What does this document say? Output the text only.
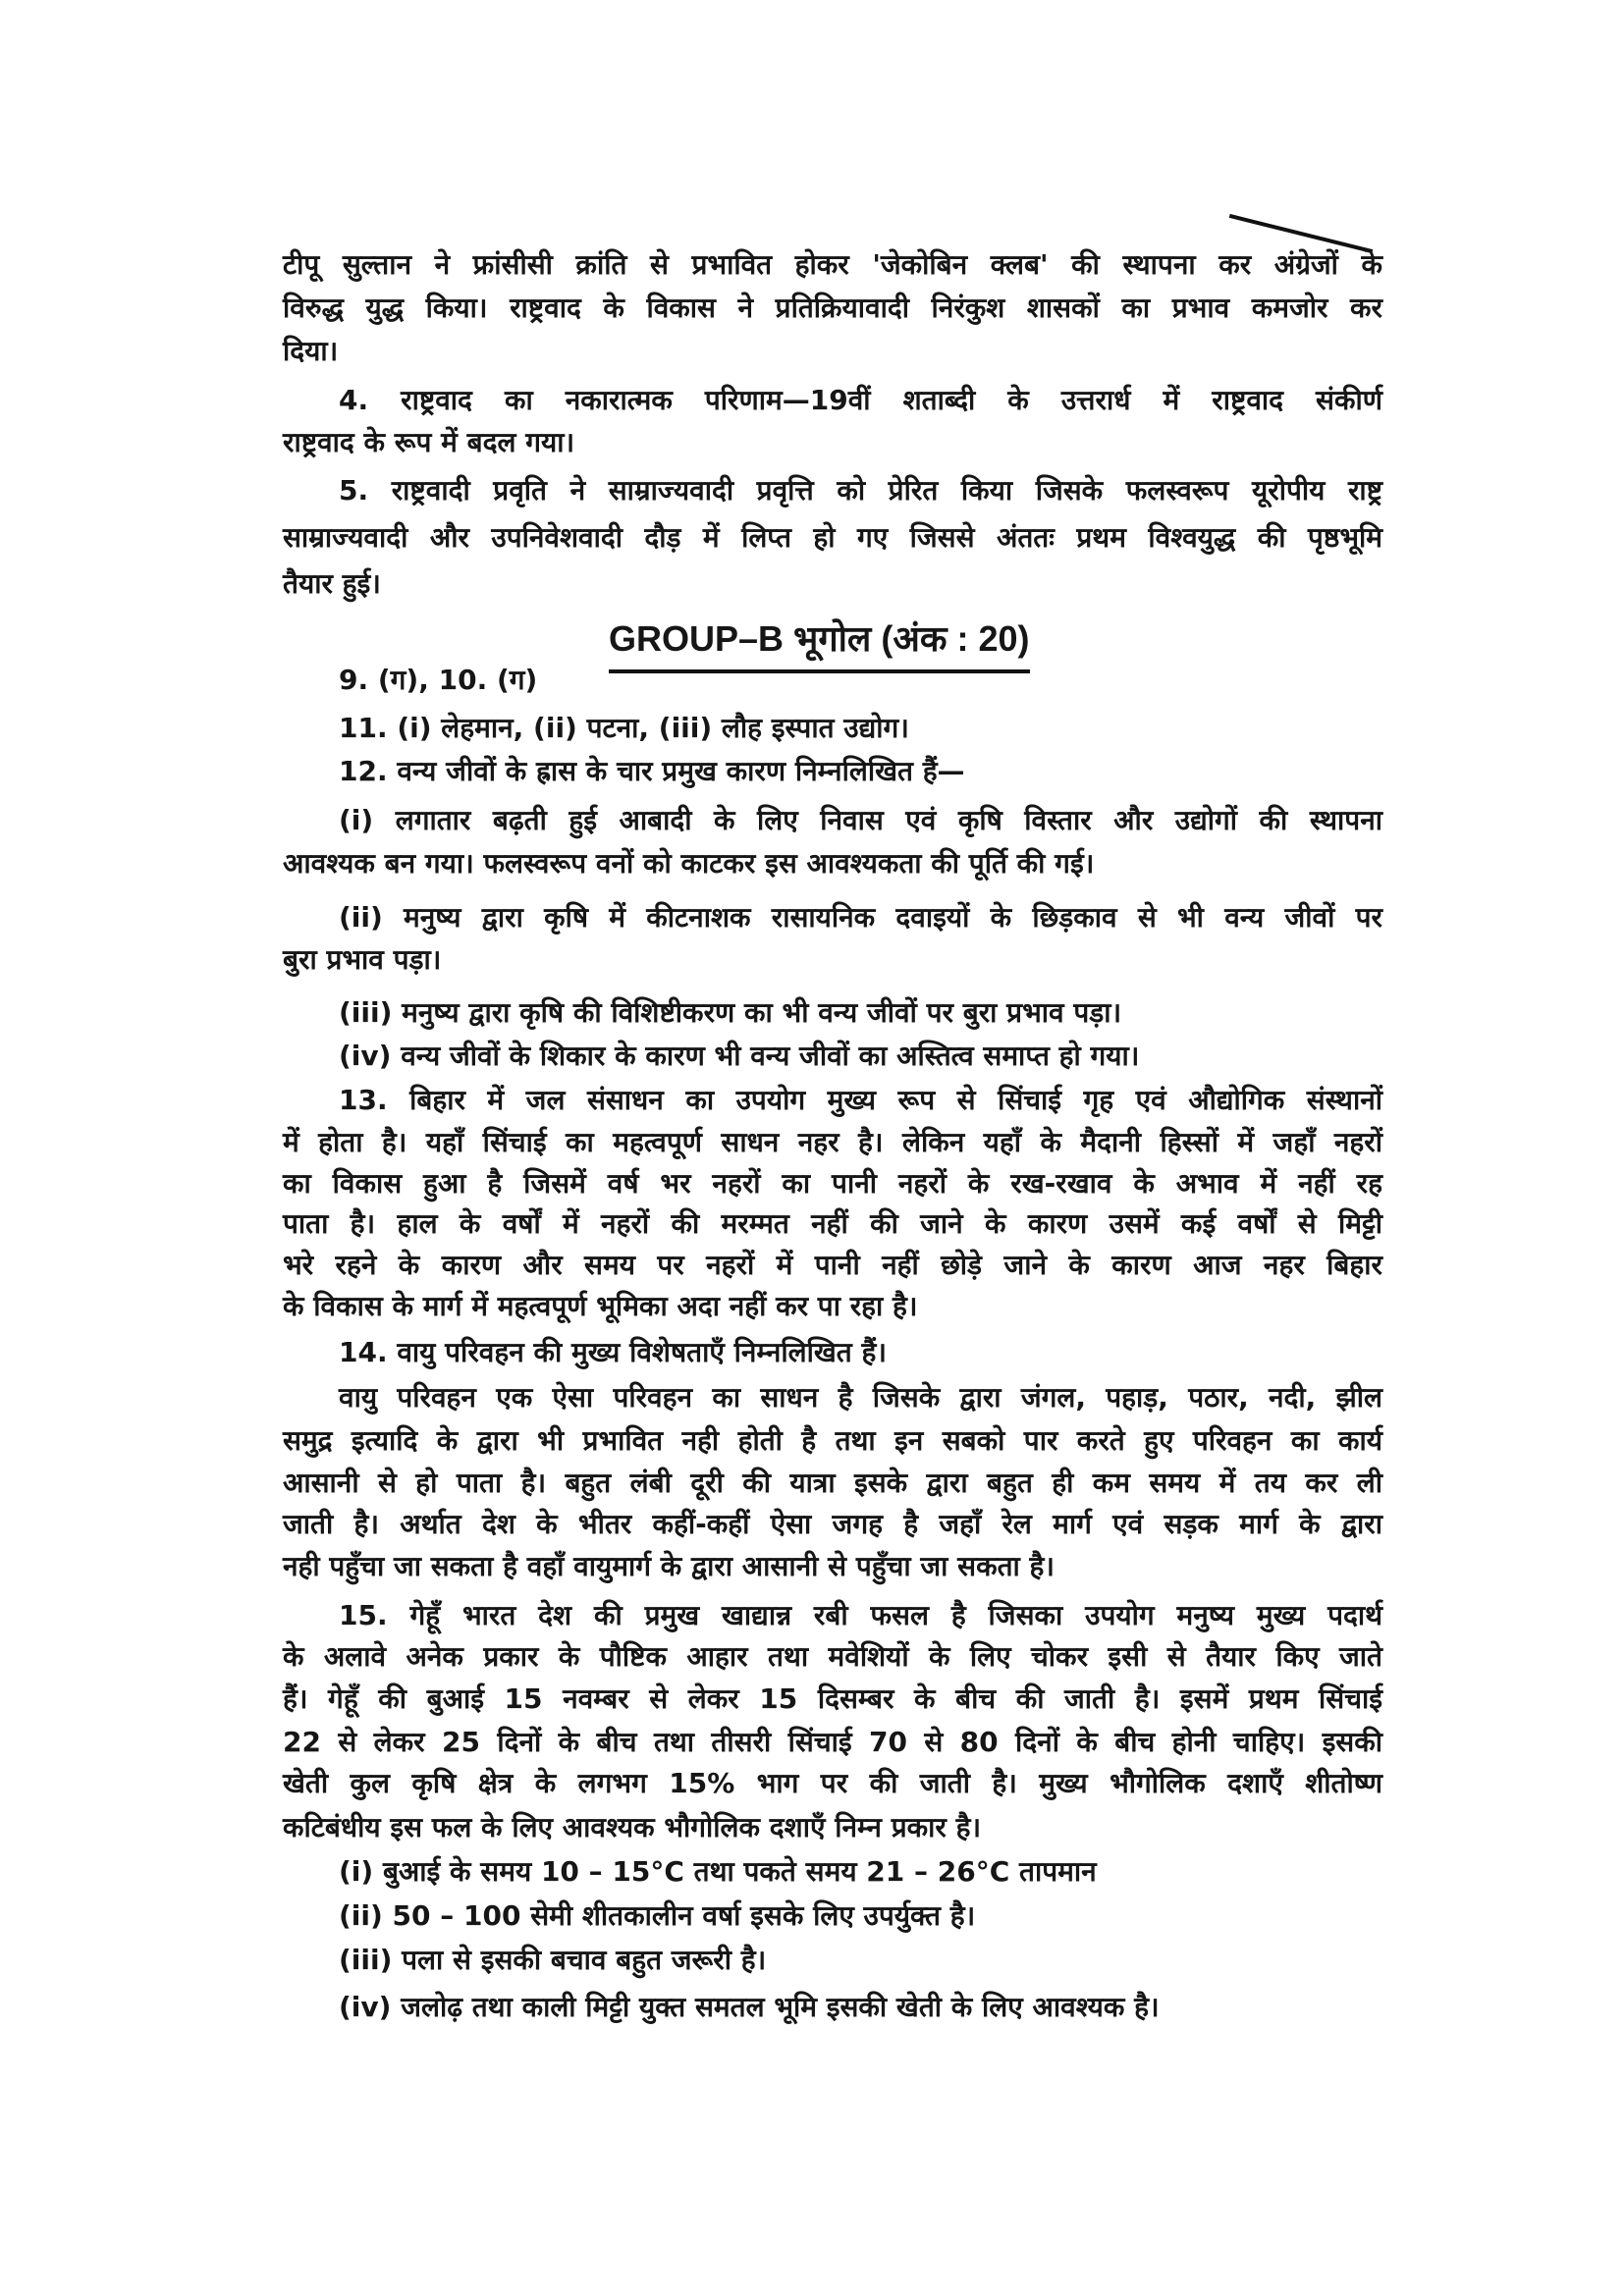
टीपू सुल्तान ने फ्रांसीसी क्रांति से प्रभावित होकर 'जेकोबिन क्लब' की स्थापना कर अंग्रेजों के
विरुद्ध युद्ध किया। राष्ट्रवाद के विकास ने प्रतिक्रियावादी निरंकुश शासकों का प्रभाव कमजोर कर
दिया।
4. राष्ट्रवाद का नकारात्मक परिणाम—19वीं शताब्दी के उत्तरार्ध में राष्ट्रवाद संकीर्ण
राष्ट्रवाद के रूप में बदल गया।
5. राष्ट्रवादी प्रवृति ने साम्राज्यवादी प्रवृत्ति को प्रेरित किया जिसके फलस्वरूप यूरोपीय राष्ट्र
साम्राज्यवादी और उपनिवेशवादी दौड़ में लिप्त हो गए जिससे अंततः प्रथम विश्वयुद्ध की पृष्ठभूमि
तैयार हुई।
GROUP–B भूगोल (अंक : 20)
9. (ग), 10. (ग)
11. (i) लेहमान, (ii) पटना, (iii) लौह इस्पात उद्योग।
12. वन्य जीवों के ह्रास के चार प्रमुख कारण निम्नलिखित हैं—
(i) लगातार बढ़ती हुई आबादी के लिए निवास एवं कृषि विस्तार और उद्योगों की स्थापना
आवश्यक बन गया। फलस्वरूप वनों को काटकर इस आवश्यकता की पूर्ति की गई।
(ii) मनुष्य द्वारा कृषि में कीटनाशक रासायनिक दवाइयों के छिड़काव से भी वन्य जीवों पर
बुरा प्रभाव पड़ा।
(iii) मनुष्य द्वारा कृषि की विशिष्टीकरण का भी वन्य जीवों पर बुरा प्रभाव पड़ा।
(iv) वन्य जीवों के शिकार के कारण भी वन्य जीवों का अस्तित्व समाप्त हो गया।
13. बिहार में जल संसाधन का उपयोग मुख्य रूप से सिंचाई गृह एवं औद्योगिक संस्थानों
में होता है। यहाँ सिंचाई का महत्वपूर्ण साधन नहर है। लेकिन यहाँ के मैदानी हिस्सों में जहाँ नहरों
का विकास हुआ है जिसमें वर्ष भर नहरों का पानी नहरों के रख-रखाव के अभाव में नहीं रह
पाता है। हाल के वर्षों में नहरों की मरम्मत नहीं की जाने के कारण उसमें कई वर्षों से मिट्टी
भरे रहने के कारण और समय पर नहरों में पानी नहीं छोड़े जाने के कारण आज नहर बिहार
के विकास के मार्ग में महत्वपूर्ण भूमिका अदा नहीं कर पा रहा है।
14. वायु परिवहन की मुख्य विशेषताएँ निम्नलिखित हैं।
वायु परिवहन एक ऐसा परिवहन का साधन है जिसके द्वारा जंगल, पहाड़, पठार, नदी, झील
समुद्र इत्यादि के द्वारा भी प्रभावित नही होती है तथा इन सबको पार करते हुए परिवहन का कार्य
आसानी से हो पाता है। बहुत लंबी दूरी की यात्रा इसके द्वारा बहुत ही कम समय में तय कर ली
जाती है। अर्थात देश के भीतर कहीं-कहीं ऐसा जगह है जहाँ रेल मार्ग एवं सड़क मार्ग के द्वारा
नही पहुँचा जा सकता है वहाँ वायुमार्ग के द्वारा आसानी से पहुँचा जा सकता है।
15. गेहूँ भारत देश की प्रमुख खाद्यान्न रबी फसल है जिसका उपयोग मनुष्य मुख्य पदार्थ
के अलावे अनेक प्रकार के पौष्टिक आहार तथा मवेशियों के लिए चोकर इसी से तैयार किए जाते
हैं। गेहूँ की बुआई 15 नवम्बर से लेकर 15 दिसम्बर के बीच की जाती है। इसमें प्रथम सिंचाई
22 से लेकर 25 दिनों के बीच तथा तीसरी सिंचाई 70 से 80 दिनों के बीच होनी चाहिए। इसकी
खेती कुल कृषि क्षेत्र के लगभग 15% भाग पर की जाती है। मुख्य भौगोलिक दशाएँ शीतोष्ण
कटिबंधीय इस फल के लिए आवश्यक भौगोलिक दशाएँ निम्न प्रकार है।
(i) बुआई के समय 10 – 15°C तथा पकते समय 21 – 26°C तापमान
(ii) 50 – 100 सेमी शीतकालीन वर्षा इसके लिए उपर्युक्त है।
(iii) पला से इसकी बचाव बहुत जरूरी है।
(iv) जलोढ़ तथा काली मिट्टी युक्त समतल भूमि इसकी खेती के लिए आवश्यक है।
